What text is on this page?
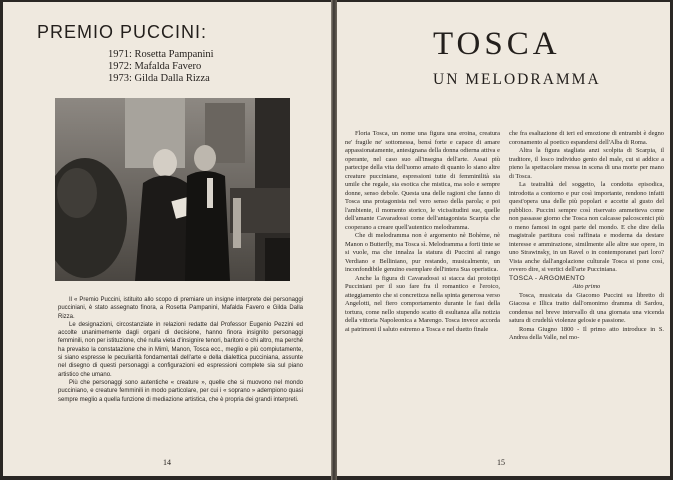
PREMIO PUCCINI:
1971: Rosetta Pampanini
1972: Mafalda Favero
1973: Gilda Dalla Rizza

Il « Premio Puccini, istituito allo scopo di premiare un insigne interprete dei personaggi pucciniani, è stato assegnato finora, a Rosetta Pampanini, Mafalda Favero e Gilda Dalla Rizza.

Le designazioni, circostanziate in relazioni redatte dal Professor Eugenio Pezzini ed accolte unanimemente dagli organi di decisione, hanno finora insignito personaggi femminili, non per istituzione, ché nulla vieta d'insignire tenori, baritoni o chi altro, ma perché ha prevalso la constatazione che in Mimì, Manon, Tosca ecc., meglio e più compiutamente, si siano espresse le peculiarità fondamentali dell'arte e della dialettica pucciniana, assunte nel disegno di questi personaggi a configurazioni ed espressioni complete sia sul piano artistico che umano.

Più che personaggi sono autentiche « creature », quelle che si muovono nel mondo pucciniano, e creature femminili in modo particolare, per cui i « soprano » adempiono quasi sempre meglio a quella funzione di mediazione artistica, che è propria dei grandi interpreti.

14
TOSCA
UN MELODRAMMA

Floria Tosca, un nome una figura una eroina, creatura ne' fragile ne' sottomessa, bensì forte e capace di amare appassionatamente, antesignana della donna odierna attiva e operante, nel caso suo all'insegna dell'arte. Assai più partecipe della vita dell'uomo amato di quanto lo siano altre creature pucciniane, espressioni tutte di femminilità sia umile che regale, sia esotica che mistica, ma solo e sempre donne, senso debole. Questa una delle ragioni che fanno di Tosca una protagonista nel vero senso della parola; e poi l'ambiente, il momento storico, le vicissitudini sue, quelle dell'amante Cavaradossi come dell'antagonista Scarpia che cooperano a creare quell'autentico melodramma.

Che di melodramma non è argomento nè Bohème, nè Manon o Butterfly, ma Tosca sì. Melodramma a forti tinte se si vuole, ma che innalza la statura di Puccini al rango Verdiano e Belliniano, pur restando, musicalmente, un inconfondibile genuino esemplare dell'intera Sua operistica.

Anche la figura di Cavaradossi si stacca dai prototipi Pucciniani per il suo fare fra il romantico e l'eroico, atteggiamento che si concretizza nella spinta generosa verso Angelotti, nel fiero comportamento durante le fasi della tortura, come nello stupendo scatto di esultanza alla notizia della vittoria Napoleonica a Marengo. Tosca invece accorda ai patrimoni il saluto estremo a Tosca e nel duetto finale

che fra esaltazione di ieri ed emozione di entrambi è degno coronamento al poetico espandersi dell'Alba di Roma.

Altra la figura stagliata anzi scolpita di Scarpia, il traditore, il losco individuo genio del male, cui si addice a pieno la spettacolare messa in scena di una morte per mano di Tosca.

La teatralità del soggetto, la condotta episodica, introdotta a contorno e pur così importante, rendono infatti quest'opera una delle più popolari e accette al gusto del pubblico. Puccini sempre così riservato ammetteva come non passasse giorno che Tosca non calcasse palcoscenici più o meno famosi in ogni parte del mondo. E che dire della magistrale partitura così raffinata e moderna da destare interesse e ammirazione, similmente alle altre sue opere, in uno Strawinsky, in un Ravel o in contemporanei pari loro? Vista anche dall'angolazione culturale Tosca si pone così, ovvero dire, si vertici dell'arte Pucciniana.

TOSCA - ARGOMENTO

Atto primo

Tosca, musicata da Giacomo Puccini su libretto di Giacosa e Illica tratto dall'omonimo dramma di Sardou, condensa nel breve intervallo di una giornata una vicenda satura di crudeltà violenze gelosie e passione.

Roma Giugno 1800 - Il primo atto introduce in S. Andrea della Valle, nel mo-

15
